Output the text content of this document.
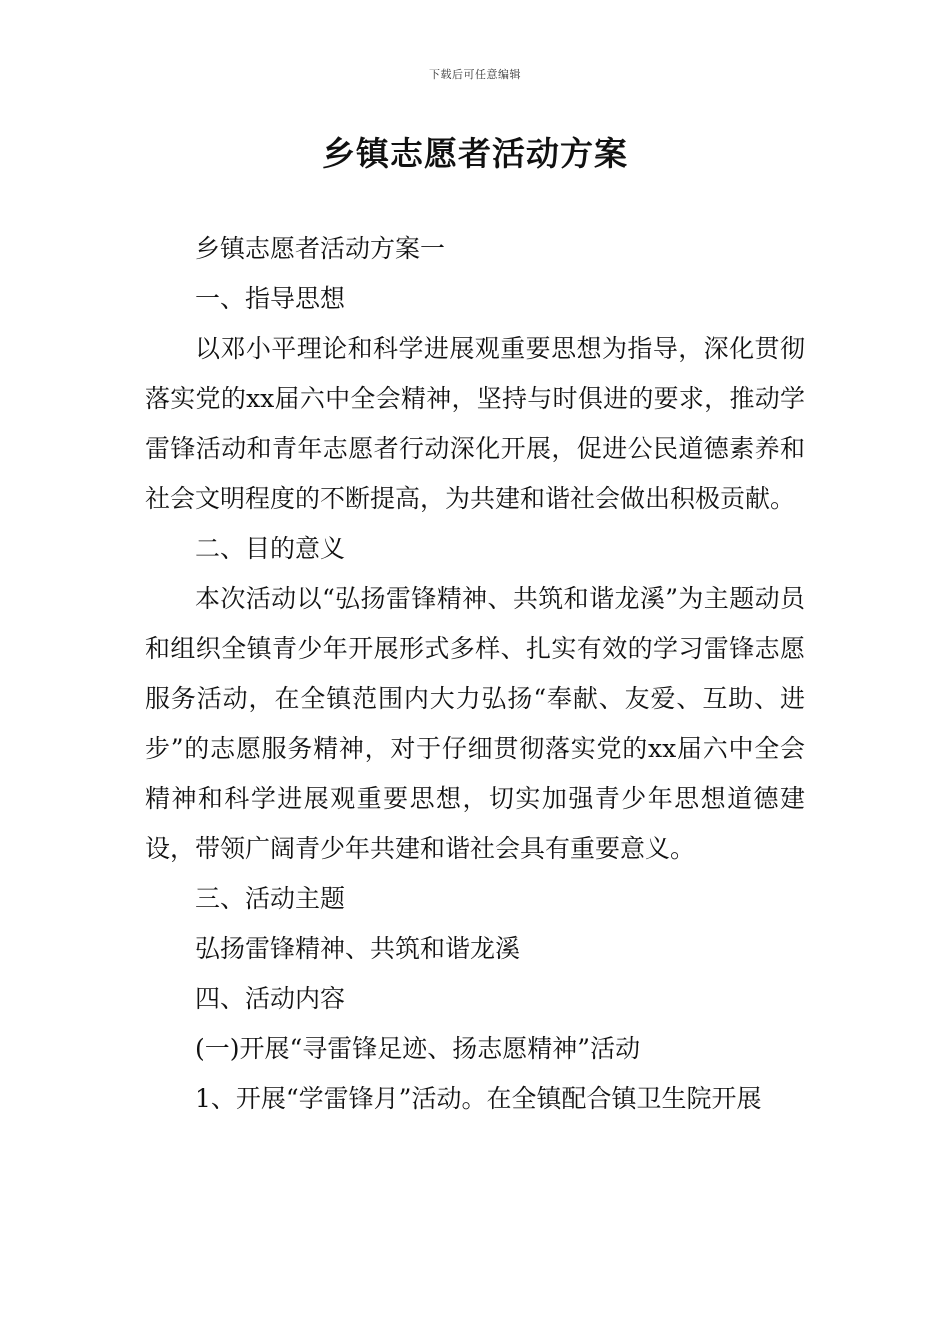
下载后可任意编辑
乡镇志愿者活动方案

乡镇志愿者活动方案一

一、指导思想

以邓小平理论和科学进展观重要思想为指导，深化贯彻落实党的xx届六中全会精神，坚持与时俱进的要求，推动学雷锋活动和青年志愿者行动深化开展，促进公民道德素养和社会文明程度的不断提高，为共建和谐社会做出积极贡献。

二、目的意义

本次活动以“弘扬雷锋精神、共筑和谐龙溪”为主题动员和组织全镇青少年开展形式多样、扎实有效的学习雷锋志愿服务活动，在全镇范围内大力弘扬“奉献、友爱、互助、进步”的志愿服务精神，对于仔细贯彻落实党的xx届六中全会精神和科学进展观重要思想，切实加强青少年思想道德建设，带领广阔青少年共建和谐社会具有重要意义。

三、活动主题

弘扬雷锋精神、共筑和谐龙溪

四、活动内容

(一)开展“寻雷锋足迹、扬志愿精神”活动

1、开展“学雷锋月”活动。在全镇配合镇卫生院开展
